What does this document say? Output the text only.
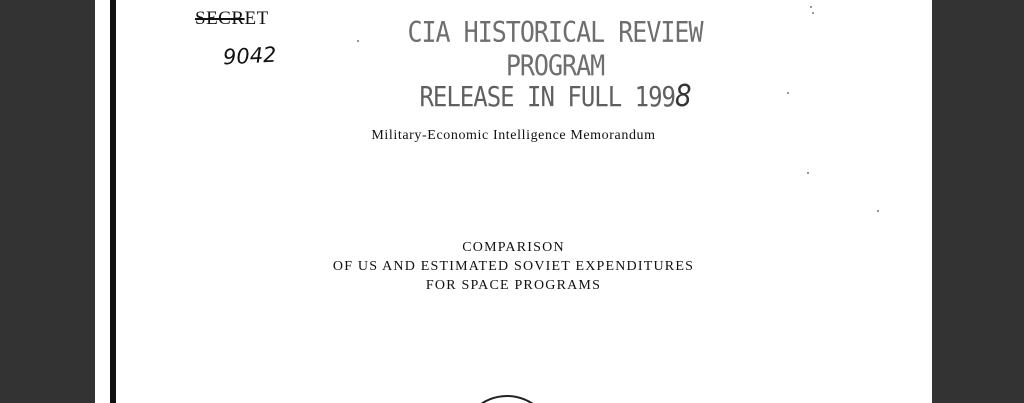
SECRET
9042
CIA HISTORICAL REVIEW PROGRAM
RELEASE IN FULL 1998
Military-Economic Intelligence Memorandum
COMPARISON
OF US AND ESTIMATED SOVIET EXPENDITURES
FOR SPACE PROGRAMS
